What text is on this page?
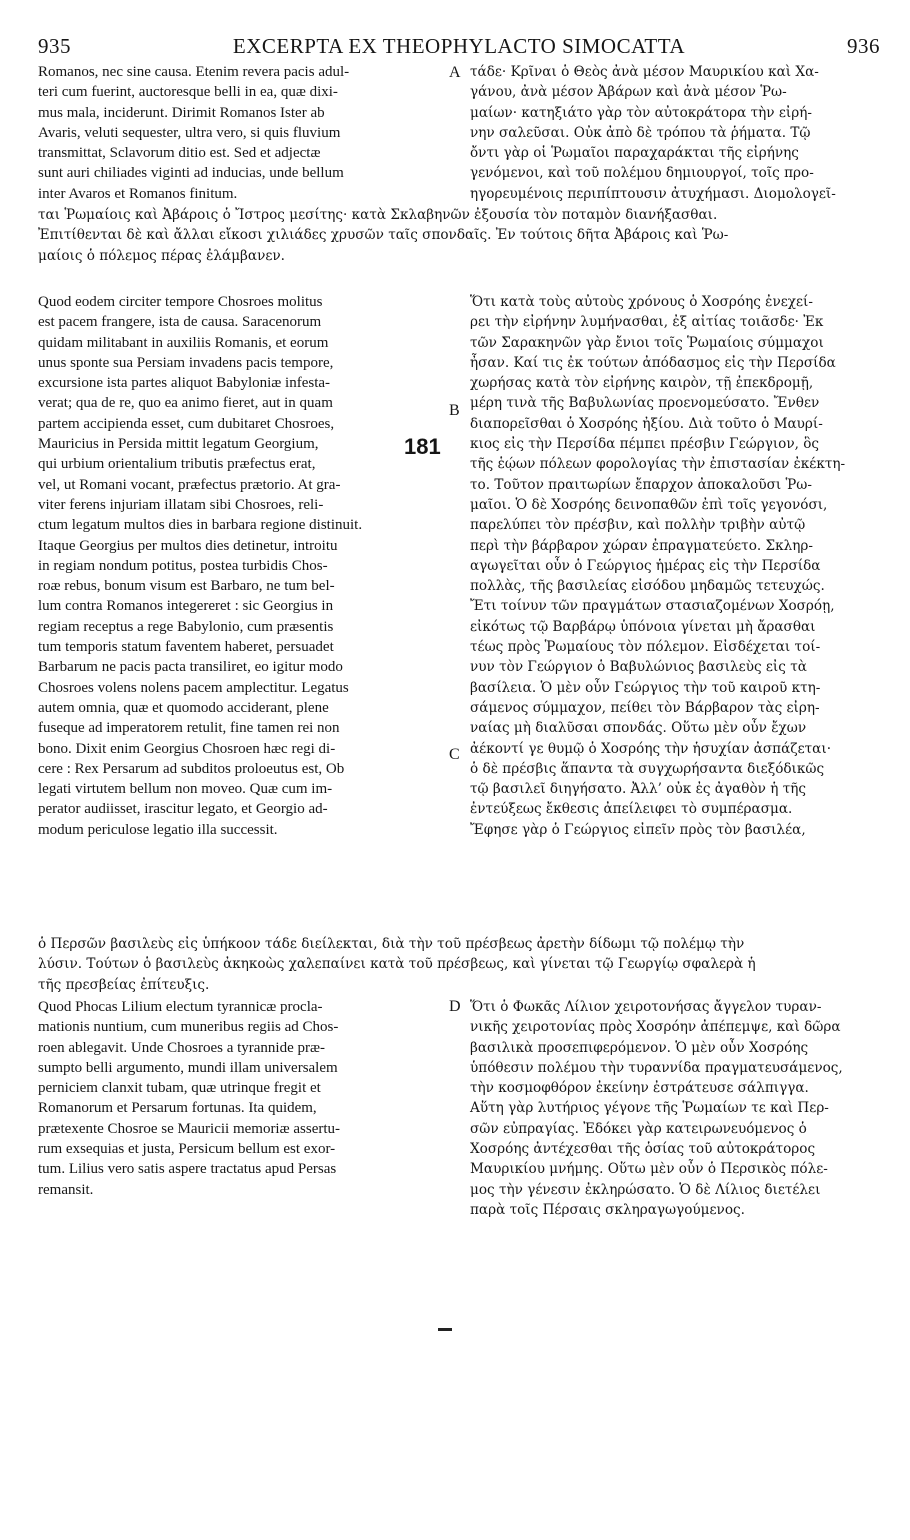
EXCERPTA EX THEOPHYLACTO SIMOCATTA
935	936
Romanos, nec sine causa. Etenim revera pacis adul-
teri cum fuerint, auctoresque belli in ea, quæ dixi-
mus mala, inciderunt. Dirimit Romanos Ister ab
Avaris, veluti sequester, ultra vero, si quis fluvium
transmittat, Sclavorum ditio est. Sed et adjectæ
sunt auri chiliades viginti ad inducias, unde bellum
inter Avaros et Romanos finitum.
τάδε· Κρῖναι ὁ Θεὸς ἀνὰ μέσον Μαυρικίου καὶ Χα-
γάνου, ἀνὰ μέσον Ἀβάρων καὶ ἀνὰ μέσον Ῥω-
μαίων· κατηξιάτο γὰρ τὸν αὐτοκράτορα τὴν εἰρή-
νην σαλεῦσαι. Οὐκ ἀπὸ δὲ τρόπου τὰ ῥήματα. Τῷ
ὄντι γὰρ οἱ Ῥωμαῖοι παραχαράκται τῆς εἰρήνης
γενόμενοι, καὶ τοῦ πολέμου δημιουργοί, τοῖς προ-
ηγορευμένοις περιπίπτουσιν ἀτυχήμασι. Διομολογεῖ-
ται Ῥωμαίοις καὶ Ἀβάροις ὁ Ἴστρος μεσίτης· κατὰ Σκλαβηνῶν ἐξουσία τὸν ποταμὸν διανήξασθαι.
Ἐπιτίθενται δὲ καὶ ἄλλαι εἴκοσι χιλιάδες χρυσῶν ταῖς σπονδαῖς. Ἐν τούτοις δῆτα Ἀβάροις καὶ Ῥω-
μαίοις ὁ πόλεμος πέρας ἐλάμβανεν.
Quod eodem circiter tempore Chosroes molitus
est pacem frangere, ista de causa. Saracenorum
quidam militabant in auxiliis Romanis, et eorum
unus sponte sua Persiam invadens pacis tempore,
excursione ista partes aliquot Babyloniæ infesta-
verat; qua de re, quo ea animo fieret, aut in quam
partem accipienda esset, cum dubitaret Chosroes,
Mauricius in Persida mittit legatum Georgium,
qui urbium orientalium tributis præfectus erat,
vel, ut Romani vocant, præfectus prætorio. At gra-
viter ferens injuriam illatam sibi Chosroes, reli-
ctum legatum multos dies in barbara regione distinuit.
Itaque Georgius per multos dies detinetur, introitu
in regiam nondum potitus, postea turbidis Chos-
roæ rebus, bonum visum est Barbaro, ne tum bel-
lum contra Romanos integereret : sic Georgius in
regiam receptus a rege Babylonio, cum præsentis
tum temporis statum faventem haberet, persuadet
Barbarum ne pacis pacta transiliret, eo igitur modo
Chosroes volens nolens pacem amplectitur. Legatus
autem omnia, quæ et quomodo acciderant, plene
fuseque ad imperatorem retulit, fine tamen rei non
bono. Dixit enim Georgius Chosroen hæc regi di-
cere : Rex Persarum ad subditos proloeutus est, Ob
legati virtutem bellum non moveo. Quæ cum im-
perator audiisset, irascitur legato, et Georgio ad-
modum periculose legatio illa successit.
Ὅτι κατὰ τοὺς αὐτοὺς χρόνους ὁ Χοσρόης ἐνεχεί-
ρει τὴν εἰρήνην λυμήνασθαι, ἐξ αἰτίας τοιᾶσδε· Ἐκ
τῶν Σαρακηνῶν γὰρ ἔνιοι τοῖς Ῥωμαίοις σύμμαχοι
ἦσαν. Καί τις ἐκ τούτων ἀπόδασμος εἰς τὴν Περσίδα
χωρήσας κατὰ τὸν εἰρήνης καιρὸν, τῇ ἐπεκδρομῇ,
μέρη τινὰ τῆς Βαβυλωνίας προενομεύσατο. Ἔνθεν
διαπορεῖσθαι ὁ Χοσρόης ἠξίου. Διὰ τοῦτο ὁ Μαυρί-
κιος εἰς τὴν Περσίδα πέμπει πρέσβιν Γεώργιον, ὃς
τῆς ἑῴων πόλεων φορολογίας τὴν ἐπιστασίαν ἐκέκτη-
το. Τοῦτον πραιτωρίων ἔπαρχον ἀποκαλοῦσι Ῥω-
μαῖοι. Ὁ δὲ Χοσρόης δεινοπαθῶν ἐπὶ τοῖς γεγονόσι,
παρελύπει τὸν πρέσβιν, καὶ πολλὴν τριβὴν αὐτῷ
περὶ τὴν βάρβαρον χώραν ἐπραγματεύετο. Σκληρ-
αγωγεῖται οὖν ὁ Γεώργιος ἡμέρας εἰς τὴν Περσίδα
πολλὰς, τῆς βασιλείας εἰσόδου μηδαμῶς τετευχώς.
Ἔτι τοίνυν τῶν πραγμάτων στασιαζομένων Χοσρόῃ,
εἰκότως τῷ Βαρβάρῳ ὑπόνοια γίνεται μὴ ἄρασθαι
τέως πρὸς Ῥωμαίους τὸν πόλεμον. Εἰσδέχεται τοί-
νυν τὸν Γεώργιον ὁ Βαβυλώνιος βασιλεὺς εἰς τὰ
βασίλεια. Ὁ μὲν οὖν Γεώργιος τὴν τοῦ καιροῦ κτη-
σάμενος σύμμαχον, πείθει τὸν Βάρβαρον τὰς εἰρη-
ναίας μὴ διαλῦσαι σπονδάς. Οὕτω μὲν οὖν ἔχων
ἀέκοντί γε θυμῷ ὁ Χοσρόης τὴν ἡσυχίαν ἀσπάζεται·
ὁ δὲ πρέσβις ἅπαντα τὰ συγχωρήσαντα διεξόδικῶς
τῷ βασιλεῖ διηγήσατο. Ἀλλ’ οὐκ ἐς ἀγαθὸν ἡ τῆς
ἐντεύξεως ἔκθεσις ἀπείλειφει τὸ συμπέρασμα.
Ἔφησε γὰρ ὁ Γεώργιος εἰπεῖν πρὸς τὸν βασιλέα,
ὁ Περσῶν βασιλεὺς εἰς ὑπήκοον τάδε διείλεκται, διὰ τὴν τοῦ πρέσβεως ἀρετὴν δίδωμι τῷ πολέμῳ τὴν
λύσιν. Τούτων ὁ βασιλεὺς ἀκηκοὼς χαλεπαίνει κατὰ τοῦ πρέσβεως, καὶ γίνεται τῷ Γεωργίῳ σφαλερὰ ἡ
τῆς πρεσβείας ἐπίτευξις.
Quod Phocas Lilium electum tyrannicæ procla-
mationis nuntium, cum muneribus regiis ad Chos-
roen ablegavit. Unde Chosroes a tyrannide præ-
sumpto belli argumento, mundi illam universalem
perniciem clanxit tubam, quæ utrinque fregit et
Romanorum et Persarum fortunas. Ita quidem,
prætexente Chosroe se Mauricii memoriæ assertu-
rum exsequias et justa, Persicum bellum est exor-
tum. Lilius vero satis aspere tractatus apud Persas
remansit.
Ὅτι ὁ Φωκᾶς Λίλιον χειροτονήσας ἄγγελον τυραν-
νικῆς χειροτονίας πρὸς Χοσρόην ἀπέπεμψε, καὶ δῶρα
βασιλικὰ προσεπιφερόμενον. Ὁ μὲν οὖν Χοσρόης
ὑπόθεσιν πολέμου τὴν τυραννίδα πραγματευσάμενος,
τὴν κοσμοφθόρον ἐκείνην ἐστράτευσε σάλπιγγα.
Αὕτη γὰρ λυτήριος γέγονε τῆς Ῥωμαίων τε καὶ Περ-
σῶν εὐπραγίας. Ἐδόκει γὰρ κατειρωνευόμενος ὁ
Χοσρόης ἀντέχεσθαι τῆς ὁσίας τοῦ αὐτοκράτορος
Μαυρικίου μνήμης. Οὕτω μὲν οὖν ὁ Περσικὸς πόλε-
μος τὴν γένεσιν ἐκληρώσατο. Ὁ δὲ Λίλιος διετέλει
παρὰ τοῖς Πέρσαις σκληραγωγούμενος.
A
B
C
D
181
